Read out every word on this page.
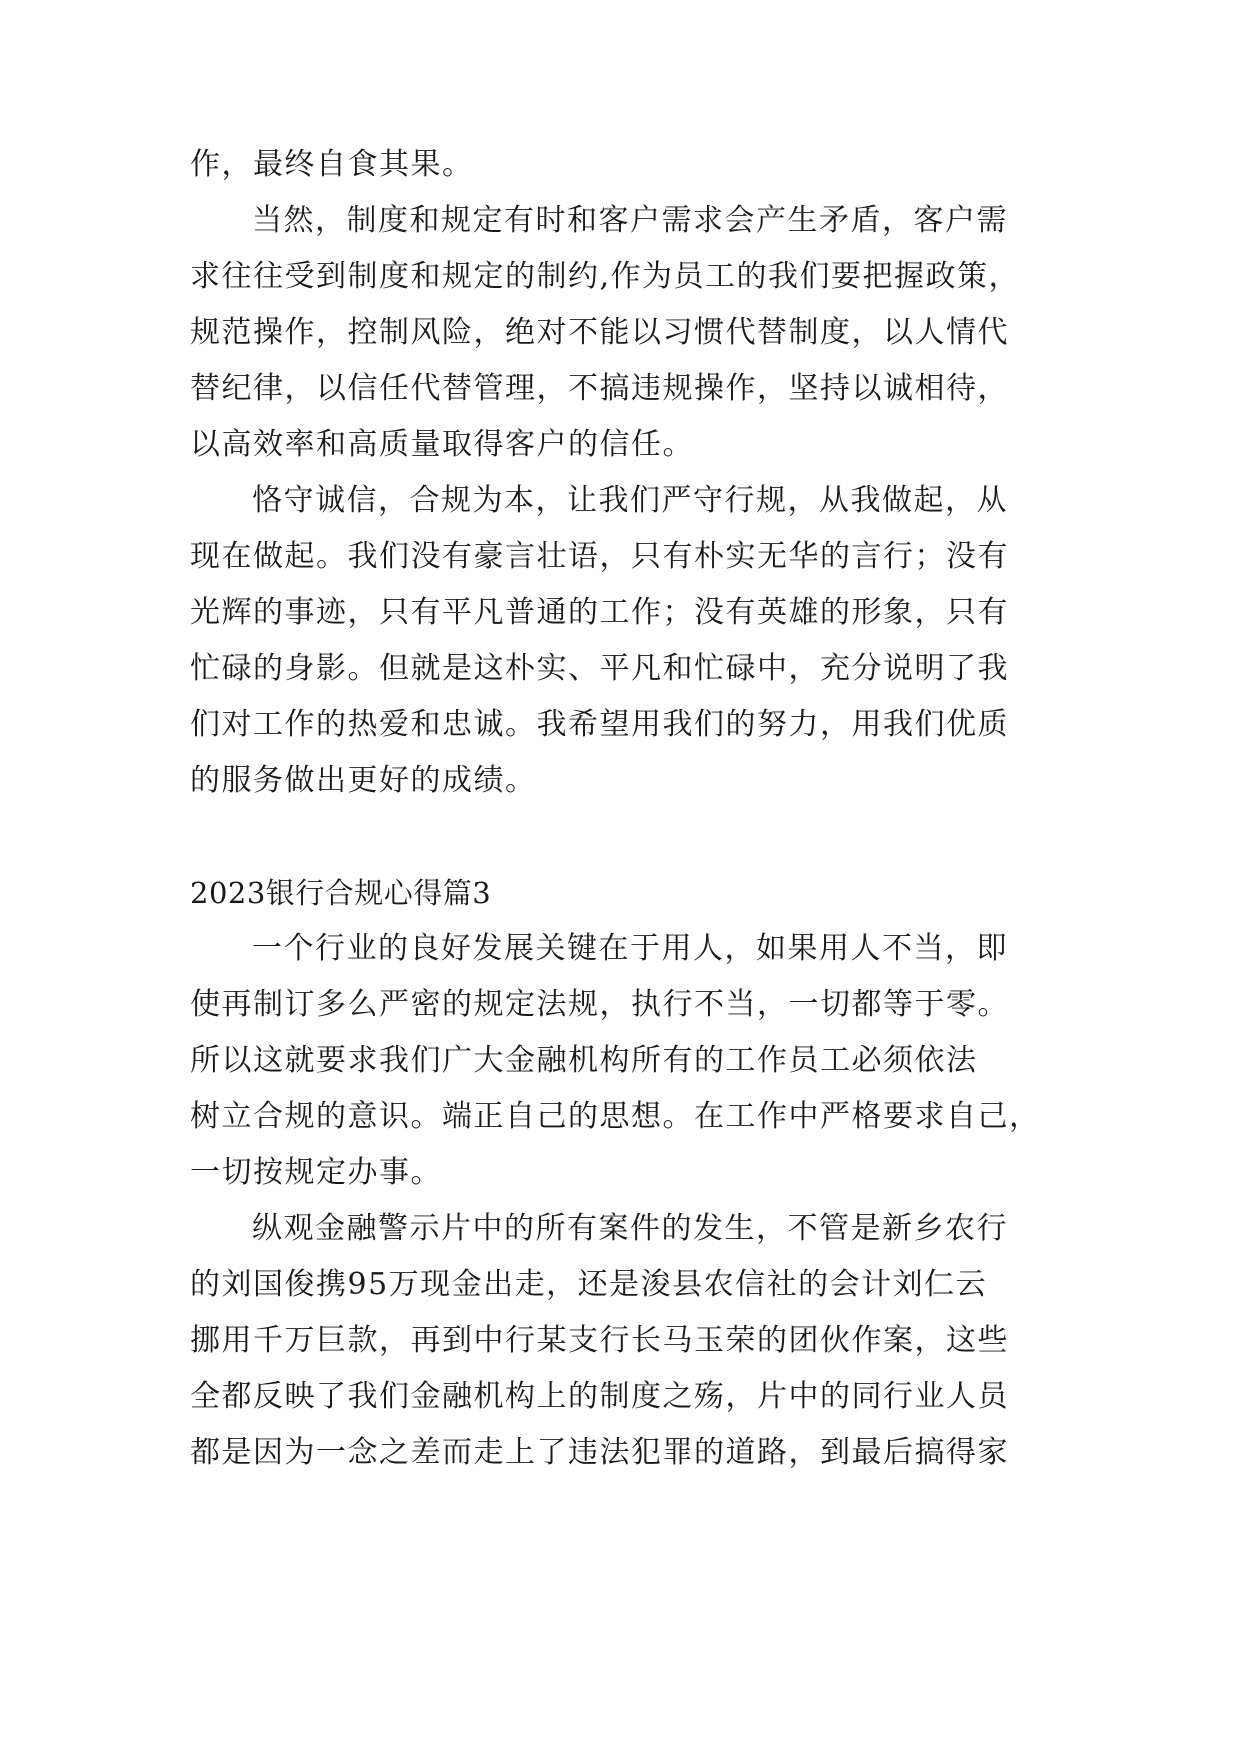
作，最终自食其果。
当然，制度和规定有时和客户需求会产生矛盾，客户需
求往往受到制度和规定的制约,作为员工的我们要把握政策，
规范操作，控制风险，绝对不能以习惯代替制度，以人情代
替纪律，以信任代替管理，不搞违规操作，坚持以诚相待，
以高效率和高质量取得客户的信任。
恪守诚信，合规为本，让我们严守行规，从我做起，从
现在做起。我们没有豪言壮语，只有朴实无华的言行；没有
光辉的事迹，只有平凡普通的工作；没有英雄的形象，只有
忙碌的身影。但就是这朴实、平凡和忙碌中，充分说明了我
们对工作的热爱和忠诚。我希望用我们的努力，用我们优质
的服务做出更好的成绩。
2023银行合规心得篇3
一个行业的良好发展关键在于用人，如果用人不当，即
使再制订多么严密的规定法规，执行不当，一切都等于零。
所以这就要求我们广大金融机构所有的工作员工必须依法
树立合规的意识。端正自己的思想。在工作中严格要求自己，
一切按规定办事。
纵观金融警示片中的所有案件的发生，不管是新乡农行
的刘国俊携95万现金出走，还是浚县农信社的会计刘仁云
挪用千万巨款，再到中行某支行长马玉荣的团伙作案，这些
全都反映了我们金融机构上的制度之殇，片中的同行业人员
都是因为一念之差而走上了违法犯罪的道路，到最后搞得家
